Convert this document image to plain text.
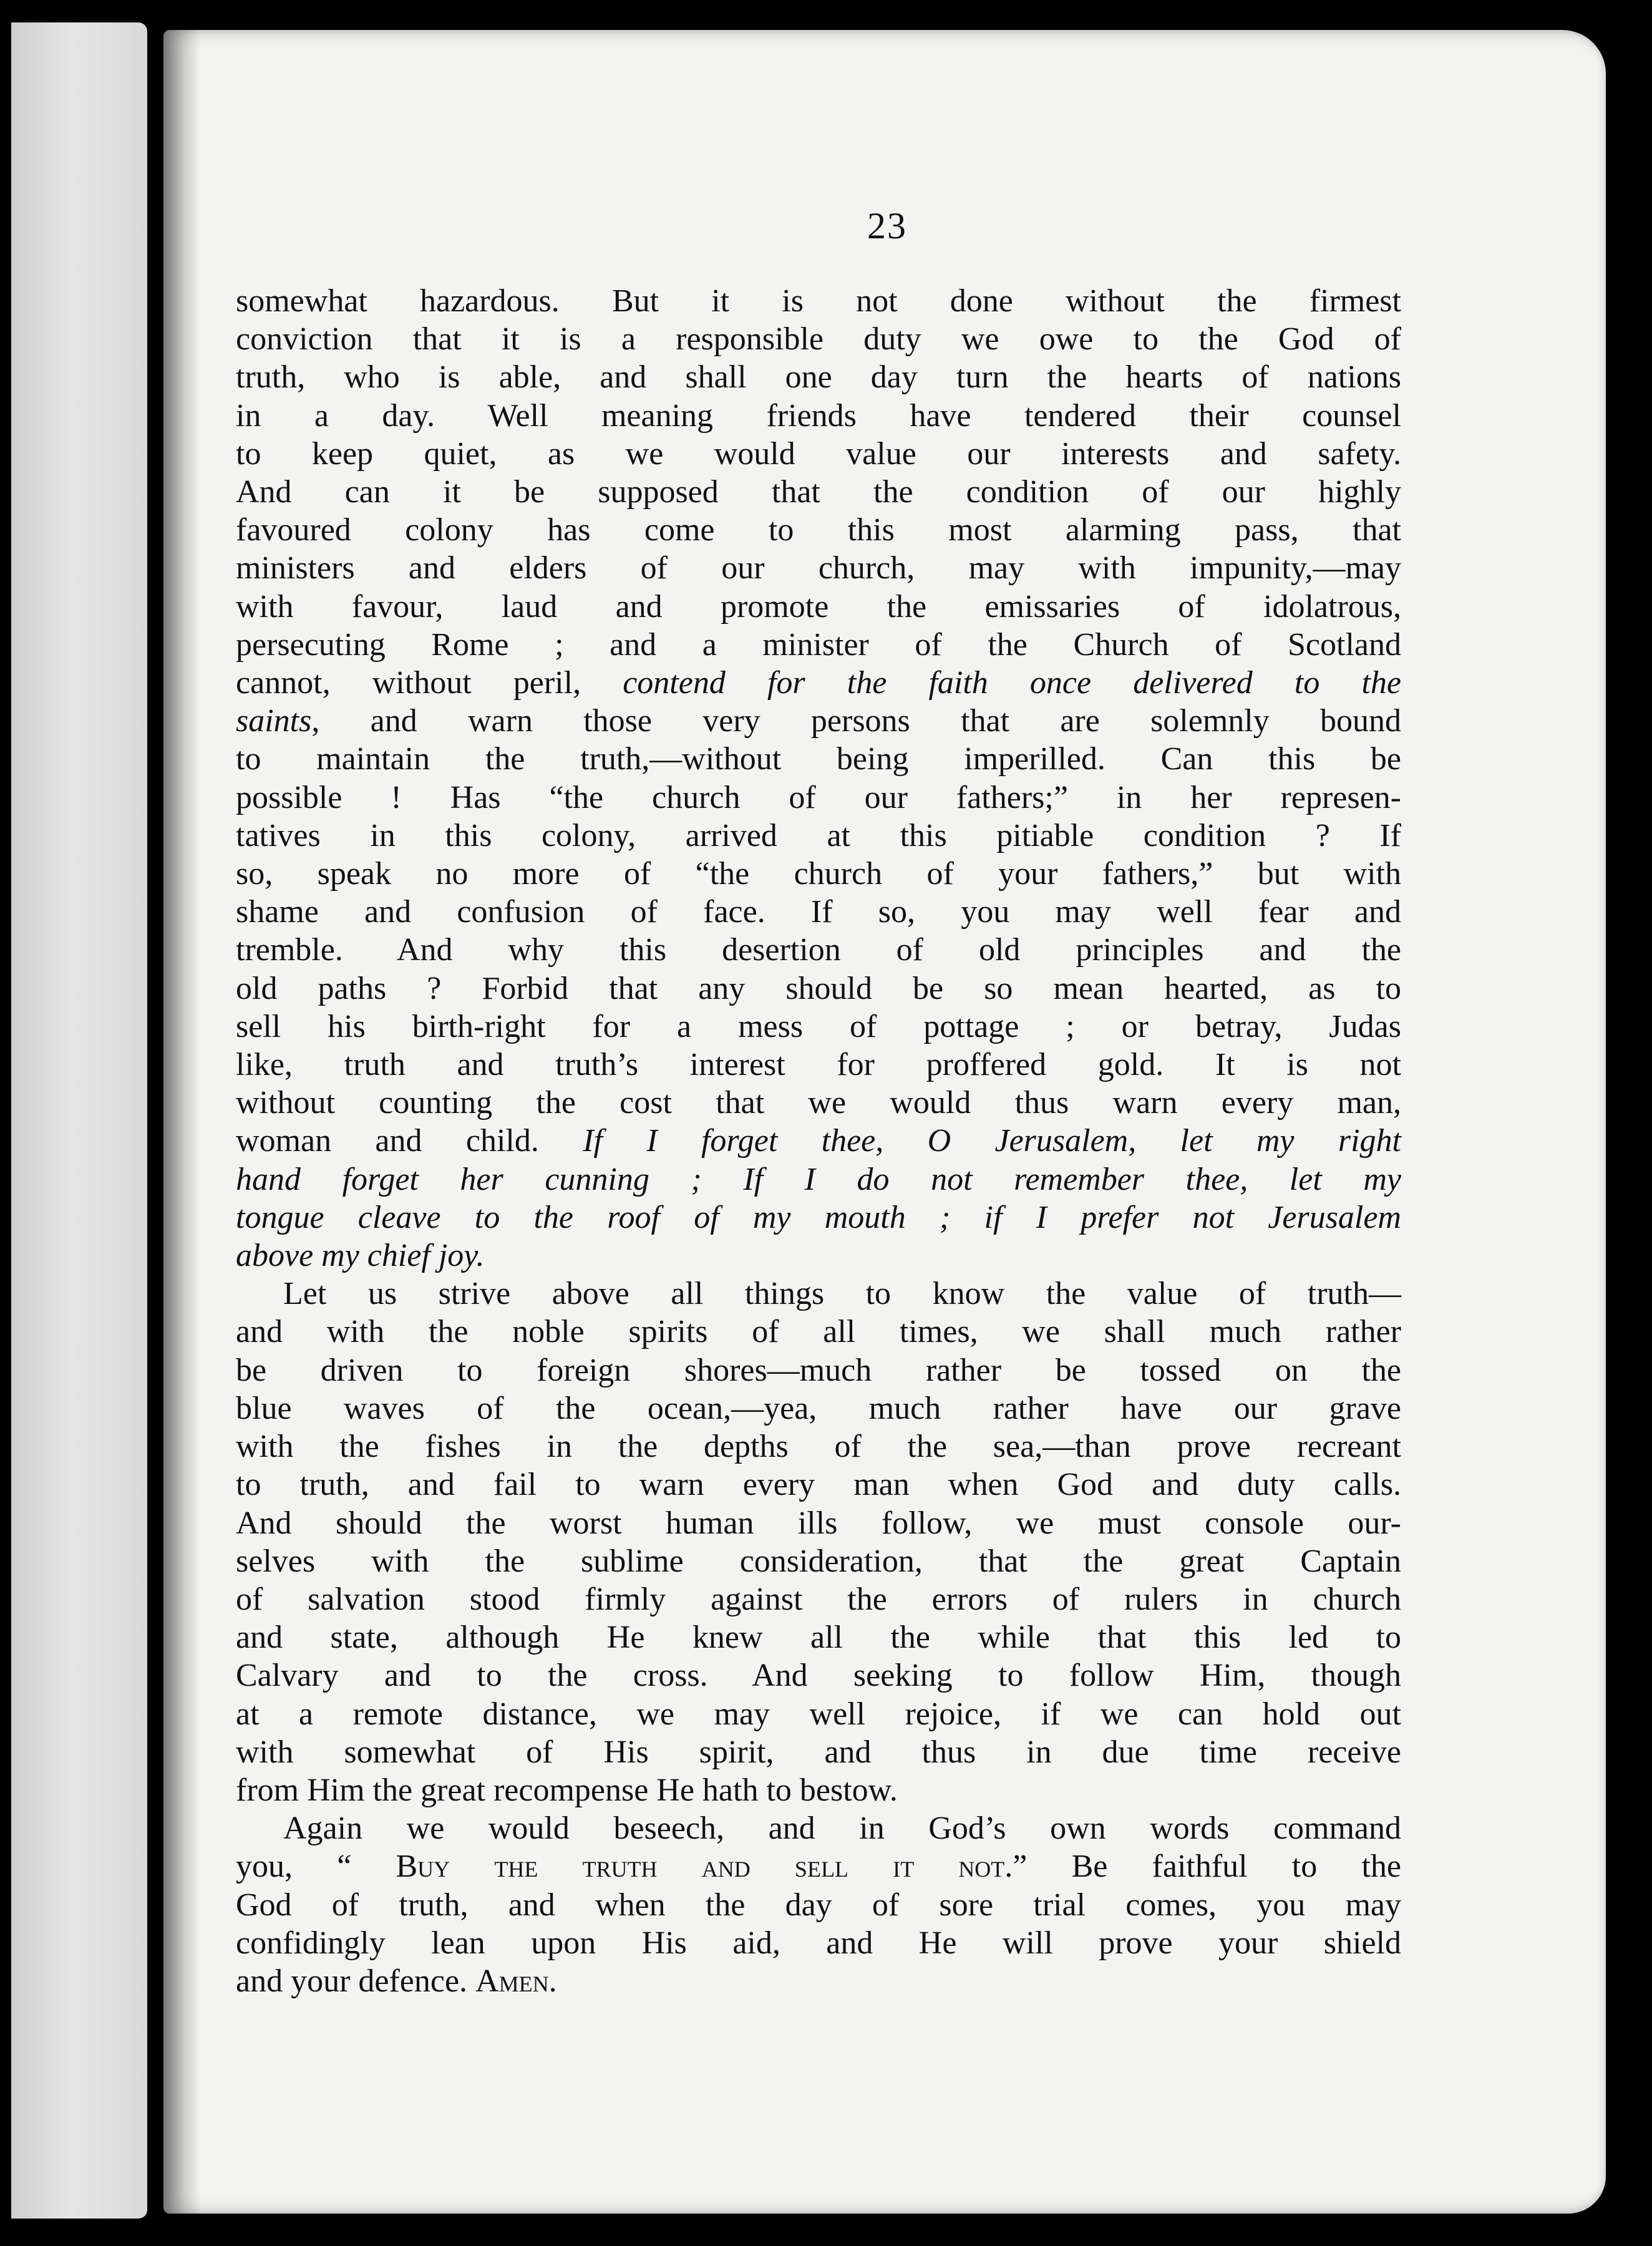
23

somewhat hazardous. But it is not done without the firmest
conviction that it is a responsible duty we owe to the God of
truth, who is able, and shall one day turn the hearts of nations
in a day. Well meaning friends have tendered their counsel
to keep quiet, as we would value our interests and safety.
And can it be supposed that the condition of our highly
favoured colony has come to this most alarming pass, that
ministers and elders of our church, may with impunity,—may
with favour, laud and promote the emissaries of idolatrous,
persecuting Rome ; and a minister of the Church of Scotland
cannot, without peril, contend for the faith once delivered to the
saints, and warn those very persons that are solemnly bound
to maintain the truth,—without being imperilled. Can this be
possible ! Has “the church of our fathers;” in her represen-
tatives in this colony, arrived at this pitiable condition ? If
so, speak no more of “the church of your fathers,” but with
shame and confusion of face. If so, you may well fear and
tremble. And why this desertion of old principles and the
old paths ? Forbid that any should be so mean hearted, as to
sell his birth-right for a mess of pottage ; or betray, Judas
like, truth and truth’s interest for proffered gold. It is not
without counting the cost that we would thus warn every man,
woman and child. If I forget thee, O Jerusalem, let my right
hand forget her cunning ; If I do not remember thee, let my
tongue cleave to the roof of my mouth ; if I prefer not Jerusalem
above my chief joy.

Let us strive above all things to know the value of truth—
and with the noble spirits of all times, we shall much rather
be driven to foreign shores—much rather be tossed on the
blue waves of the ocean,—yea, much rather have our grave
with the fishes in the depths of the sea,—than prove recreant
to truth, and fail to warn every man when God and duty calls.
And should the worst human ills follow, we must console our-
selves with the sublime consideration, that the great Captain
of salvation stood firmly against the errors of rulers in church
and state, although He knew all the while that this led to
Calvary and to the cross. And seeking to follow Him, though
at a remote distance, we may well rejoice, if we can hold out
with somewhat of His spirit, and thus in due time receive
from Him the great recompense He hath to bestow.

Again we would beseech, and in God’s own words command
you, “ Buy the truth and sell it not.” Be faithful to the
God of truth, and when the day of sore trial comes, you may
confidingly lean upon His aid, and He will prove your shield
and your defence. Amen.
